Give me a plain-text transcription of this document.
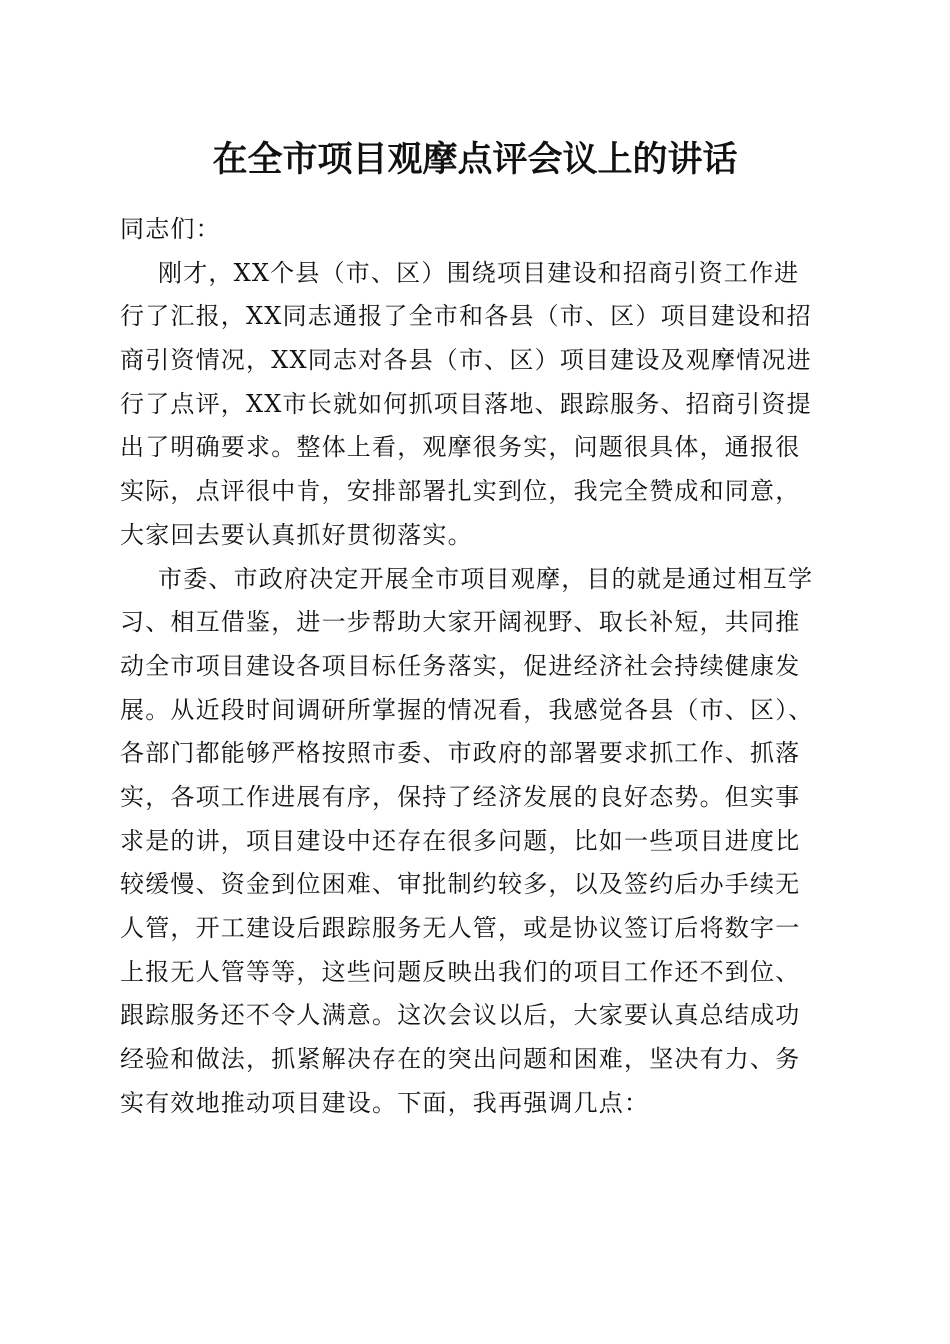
在全市项目观摩点评会议上的讲话
同志们：
刚才，XX个县（市、区）围绕项目建设和招商引资工作进
行了汇报，XX同志通报了全市和各县（市、区）项目建设和招
商引资情况，XX同志对各县（市、区）项目建设及观摩情况进
行了点评，XX市长就如何抓项目落地、跟踪服务、招商引资提
出了明确要求。整体上看，观摩很务实，问题很具体，通报很
实际，点评很中肯，安排部署扎实到位，我完全赞成和同意，
大家回去要认真抓好贯彻落实。
市委、市政府决定开展全市项目观摩，目的就是通过相互学
习、相互借鉴，进一步帮助大家开阔视野、取长补短，共同推
动全市项目建设各项目标任务落实，促进经济社会持续健康发
展。从近段时间调研所掌握的情况看，我感觉各县（市、区）、
各部门都能够严格按照市委、市政府的部署要求抓工作、抓落
实，各项工作进展有序，保持了经济发展的良好态势。但实事
求是的讲，项目建设中还存在很多问题，比如一些项目进度比
较缓慢、资金到位困难、审批制约较多，以及签约后办手续无
人管，开工建设后跟踪服务无人管，或是协议签订后将数字一
上报无人管等等，这些问题反映出我们的项目工作还不到位、
跟踪服务还不令人满意。这次会议以后，大家要认真总结成功
经验和做法，抓紧解决存在的突出问题和困难，坚决有力、务
实有效地推动项目建设。下面，我再强调几点：
